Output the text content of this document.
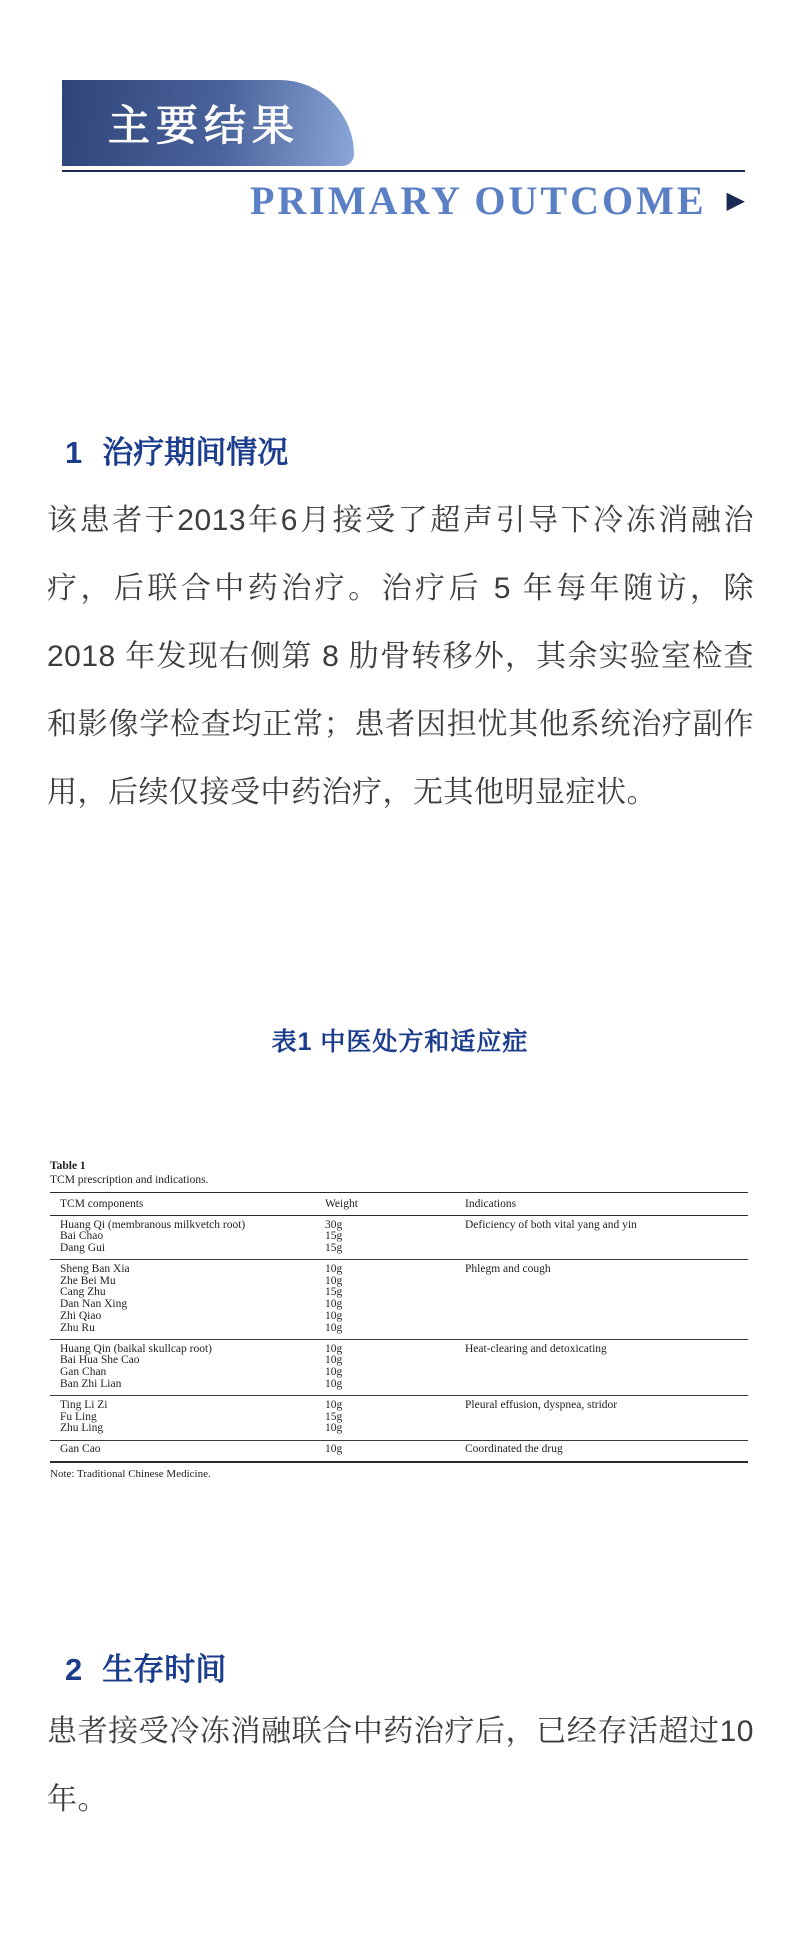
主要结果
PRIMARY OUTCOME ▶
1 治疗期间情况

该患者于2013年6月接受了超声引导下冷冻消融治疗，后联合中药治疗。治疗后 5 年每年随访，除 2018 年发现右侧第 8 肋骨转移外，其余实验室检查和影像学检查均正常；患者因担忧其他系统治疗副作用，后续仅接受中药治疗，无其他明显症状。

表1 中医处方和适应症
Table 1
TCM prescription and indications.
TCM components	Weight	Indications
Huang Qi (membranous milkvetch root)	30g	Deficiency of both vital yang and yin
Bai Chao	15g	
Dang Gui	15g	
Sheng Ban Xia	10g	Phlegm and cough
Zhe Bei Mu	10g	
Cang Zhu	15g	
Dan Nan Xing	10g	
Zhi Qiao	10g	
Zhu Ru	10g	
Huang Qin (baikal skullcap root)	10g	Heat-clearing and detoxicating
Bai Hua She Cao	10g	
Gan Chan	10g	
Ban Zhi Lian	10g	
Ting Li Zi	10g	Pleural effusion, dyspnea, stridor
Fu Ling	15g	
Zhu Ling	10g	
Gan Cao	10g	Coordinated the drug
Note: Traditional Chinese Medicine.
2 生存时间

患者接受冷冻消融联合中药治疗后，已经存活超过10年。
